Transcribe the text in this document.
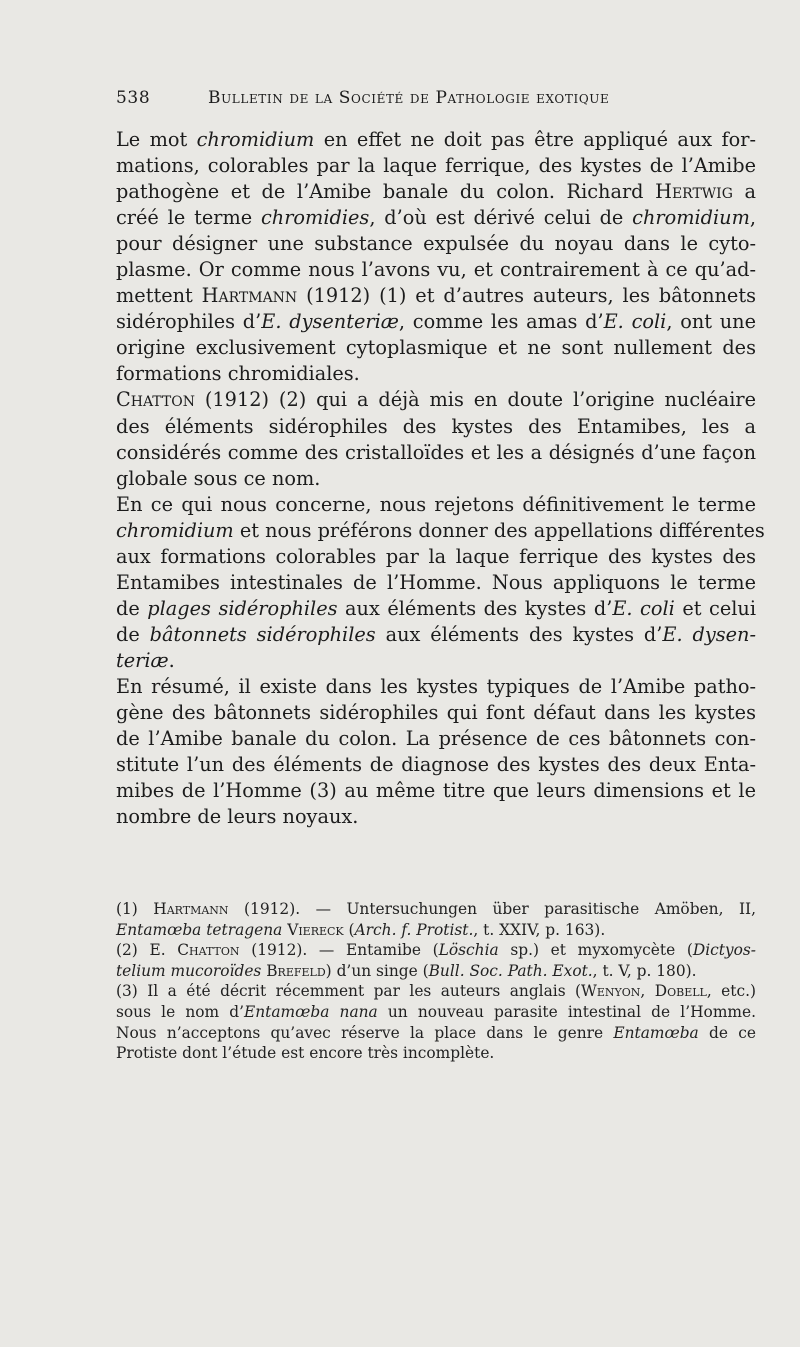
538	Bulletin de la Société de Pathologie exotique
Le mot chromidium en effet ne doit pas être appliqué aux for-
mations, colorables par la laque ferrique, des kystes de l’Amibe
pathogène et de l’Amibe banale du colon. Richard Hertwig a
créé le terme chromidies, d’où est dérivé celui de chromidium,
pour désigner une substance expulsée du noyau dans le cyto-
plasme. Or comme nous l’avons vu, et contrairement à ce qu’ad-
mettent Hartmann (1912) (1) et d’autres auteurs, les bâtonnets
sidérophiles d’E. dysenteriæ, comme les amas d’E. coli, ont une
origine exclusivement cytoplasmique et ne sont nullement des
formations chromidiales.
Chatton (1912) (2) qui a déjà mis en doute l’origine nucléaire
des éléments sidérophiles des kystes des Entamibes, les a
considérés comme des cristalloïdes et les a désignés d’une façon
globale sous ce nom.
En ce qui nous concerne, nous rejetons définitivement le terme
chromidium et nous préférons donner des appellations différentes
aux formations colorables par la laque ferrique des kystes des
Entamibes intestinales de l’Homme. Nous appliquons le terme
de plages sidérophiles aux éléments des kystes d’E. coli et celui
de bâtonnets sidérophiles aux éléments des kystes d’E. dysen-
teriæ.
En résumé, il existe dans les kystes typiques de l’Amibe patho-
gène des bâtonnets sidérophiles qui font défaut dans les kystes
de l’Amibe banale du colon. La présence de ces bâtonnets con-
stitute l’un des éléments de diagnose des kystes des deux Enta-
mibes de l’Homme (3) au même titre que leurs dimensions et le
nombre de leurs noyaux.
(1) Hartmann (1912). — Untersuchungen über parasitische Amöben, II,
Entamœba tetragena Viereck (Arch. f. Protist., t. XXIV, p. 163).
(2) E. Chatton (1912). — Entamibe (Löschia sp.) et myxomycète (Dictyos-
telium mucoroïdes Brefeld) d’un singe (Bull. Soc. Path. Exot., t. V, p. 180).
(3) Il a été décrit récemment par les auteurs anglais (Wenyon, Dobell, etc.)
sous le nom d’Entamœba nana un nouveau parasite intestinal de l’Homme.
Nous n’acceptons qu’avec réserve la place dans le genre Entamœba de ce
Protiste dont l’étude est encore très incomplète.
